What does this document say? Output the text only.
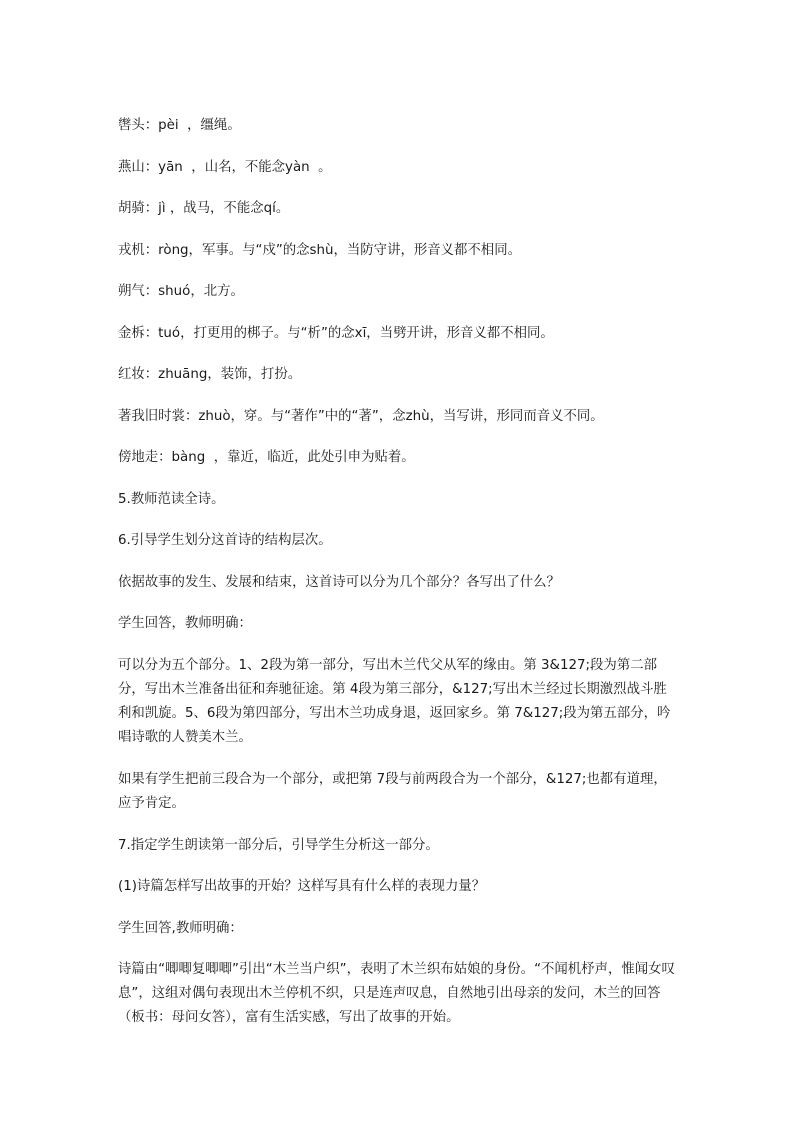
辔头：pèi  ，缰绳。

燕山：yān  ，山名，不能念yàn  。

胡骑：jì ，战马，不能念qí。

戎机：ròng，军事。与“戍”的念shù，当防守讲，形音义都不相同。

朔气：shuó，北方。

金柝：tuó，打更用的梆子。与“析”的念xī，当劈开讲，形音义都不相同。

红妆：zhuāng，装饰，打扮。

著我旧时裳：zhuò，穿。与“著作”中的“著”，念zhù，当写讲，形同而音义不同。

傍地走：bàng  ，靠近，临近，此处引申为贴着。

5.教师范读全诗。

6.引导学生划分这首诗的结构层次。

依据故事的发生、发展和结束，这首诗可以分为几个部分？各写出了什么？

学生回答，教师明确：

可以分为五个部分。1、2段为第一部分，写出木兰代父从军的缘由。第 3&127;段为第二部分，写出木兰准备出征和奔驰征途。第 4段为第三部分，&127;写出木兰经过长期激烈战斗胜利和凯旋。5、6段为第四部分，写出木兰功成身退，返回家乡。第 7&127;段为第五部分，吟唱诗歌的人赞美木兰。

如果有学生把前三段合为一个部分，或把第 7段与前两段合为一个部分，&127;也都有道理，应予肯定。

7.指定学生朗读第一部分后，引导学生分析这一部分。

(1)诗篇怎样写出故事的开始？这样写具有什么样的表现力量？

学生回答,教师明确：

诗篇由“唧唧复唧唧”引出“木兰当户织”，表明了木兰织布姑娘的身份。“不闻机杼声，惟闻女叹息”，这组对偶句表现出木兰停机不织，只是连声叹息，自然地引出母亲的发问，木兰的回答（板书：母问女答），富有生活实感，写出了故事的开始。
